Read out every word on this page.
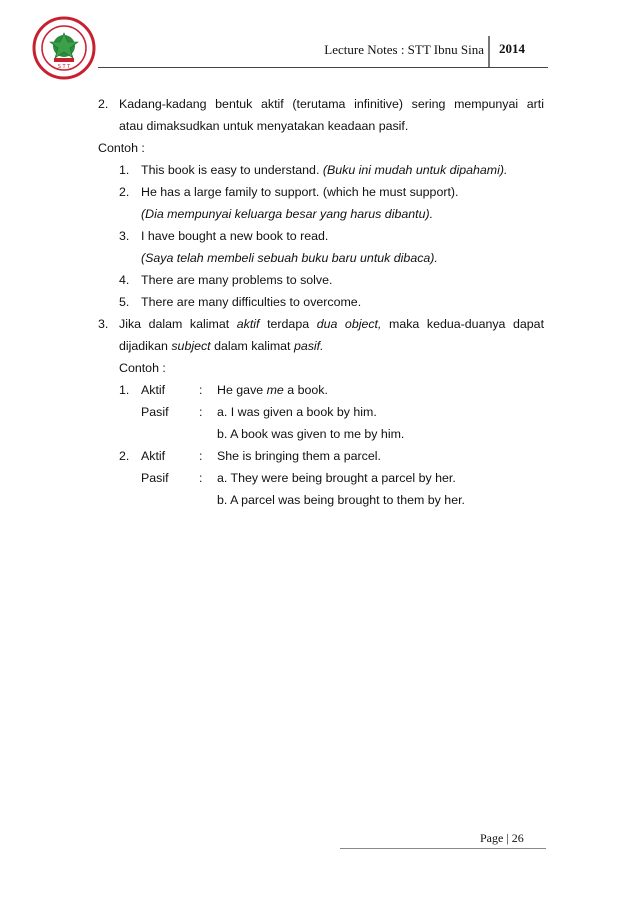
S T T
Lecture Notes : STT Ibnu Sina 2014
2. Kadang-kadang bentuk aktif (terutama infinitive) sering mempunyai arti
atau dimaksudkan untuk menyatakan keadaan pasif.
Contoh :
1. This book is easy to understand. (Buku ini mudah untuk dipahami).
2. He has a large family to support. (which he must support).
(Dia mempunyai keluarga besar yang harus dibantu).
3. I have bought a new book to read.
(Saya telah membeli sebuah buku baru untuk dibaca).
4. There are many problems to solve.
5. There are many difficulties to overcome.
3. Jika dalam kalimat aktif terdapa dua object, maka kedua-duanya dapat
dijadikan subject dalam kalimat pasif.
Contoh :
1. Aktif	: He gave me a book.
Pasif : a. I was given a book by him.
b. A book was given to me by him.
2. Aktif	: She is bringing them a parcel.
Pasif : a. They were being brought a parcel by her.
b. A parcel was being brought to them by her.
Page | 26
